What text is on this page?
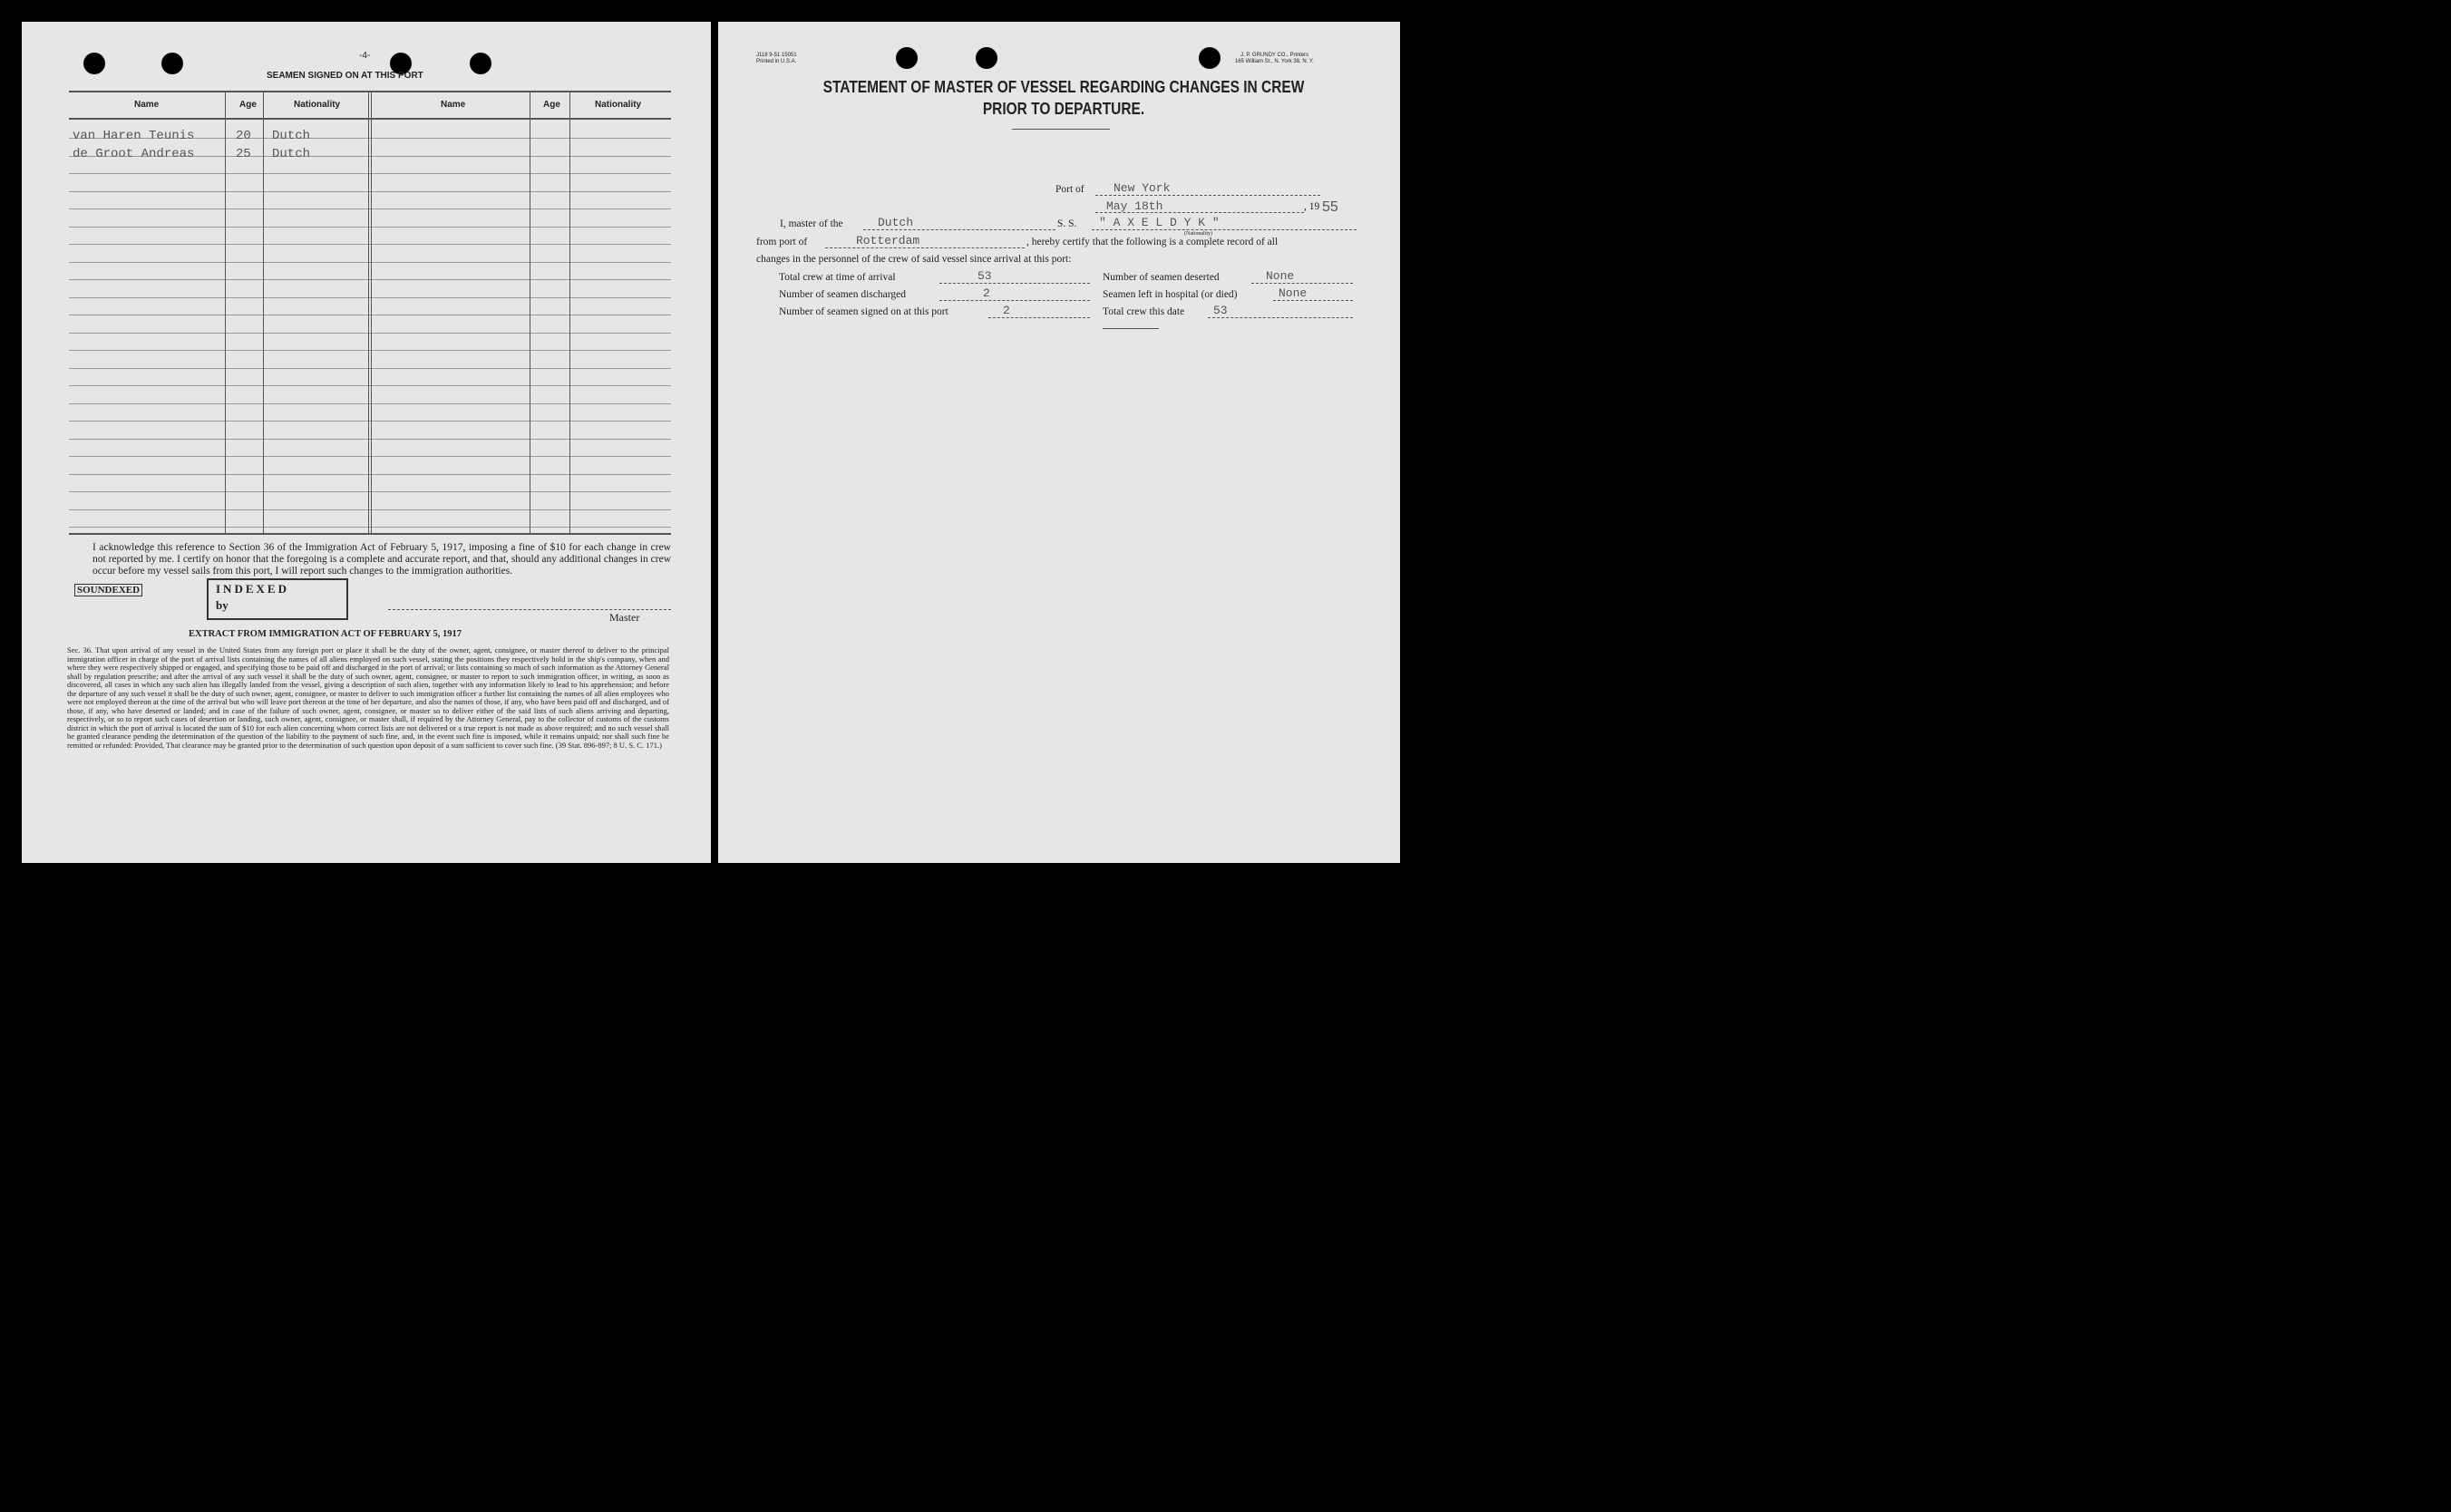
-4-
SEAMEN SIGNED ON AT THIS PORT
Name	Age	Nationality	Name	Age	Nationality
van Haren Teunis	20 Dutch
de Groot Andreas	25 Dutch
I acknowledge this reference to Section 36 of the Immigration Act of February 5, 1917, imposing a fine of $10 for each change in crew not reported by me. I certify on honor that the foregoing is a complete and accurate report, and that, should any additional changes in crew occur before my vessel sails from this port, I will report such changes to the immigration authorities.
INDEXED
by
SOUNDEXED
Master
EXTRACT FROM IMMIGRATION ACT OF FEBRUARY 5, 1917
Sec. 36. That upon arrival of any vessel in the United States from any foreign port or place it shall be the duty of the owner, agent, consignee, or master thereof to deliver to the principal immigration officer in charge of the port of arrival lists containing the names of all aliens employed on such vessel, stating the positions they respectively hold in the ship's company, when and where they were respectively shipped or engaged, and specifying those to be paid off and discharged in the port of arrival; or lists containing so much of such information as the Attorney General shall by regulation prescribe; and after the arrival of any such vessel it shall be the duty of such owner, agent, consignee, or master to report to such immigration officer, in writing, as soon as discovered, all cases in which any such alien has illegally landed from the vessel, giving a description of such alien, together with any information likely to lead to his apprehension; and before the departure of any such vessel it shall be the duty of such owner, agent, consignee, or master to deliver to such immigration officer a further list containing the names of all alien employees who were not employed thereon at the time of the arrival but who will leave port thereon at the time of her departure, and also the names of those, if any, who have been paid off and discharged, and of those, if any, who have deserted or landed; and in case of the failure of such owner, agent, consignee, or master so to deliver either of the said lists of such aliens arriving and departing, respectively, or so to report such cases of desertion or landing, such owner, agent, consignee, or master shall, if required by the Attorney General, pay to the collector of customs of the customs district in which the port of arrival is located the sum of $10 for each alien concerning whom correct lists are not delivered or a true report is not made as above required; and no such vessel shall be granted clearance pending the determination of the question of the liability to the payment of such fine, and, in the event such fine is imposed, while it remains unpaid; nor shall such fine be remitted or refunded: Provided, That clearance may be granted prior to the determination of such question upon deposit of a sum sufficient to cover such fine. (39 Stat. 896-897; 8 U. S. C. 171.)
J118 9-51 15051
Printed in U.S.A.
J. P. GRUNDY CO., Printers
165 William St., N. York 38, N. Y.
STATEMENT OF MASTER OF VESSEL REGARDING CHANGES IN CREW
PRIOR TO DEPARTURE.
Port of New York
May 18th	, 19 55
I, master of the	Dutch	S. S. " A X E L D Y K "
(Nationality)
from port of	Rotterdam	, hereby certify that the following is a complete record of all
changes in the personnel of the crew of said vessel since arrival at this port:
Total crew at time of arrival	53
Number of seamen discharged	2
Number of seamen signed on at this port	2
Number of seamen deserted	None
Seamen left in hospital (or died)	None
Total crew this date 53
